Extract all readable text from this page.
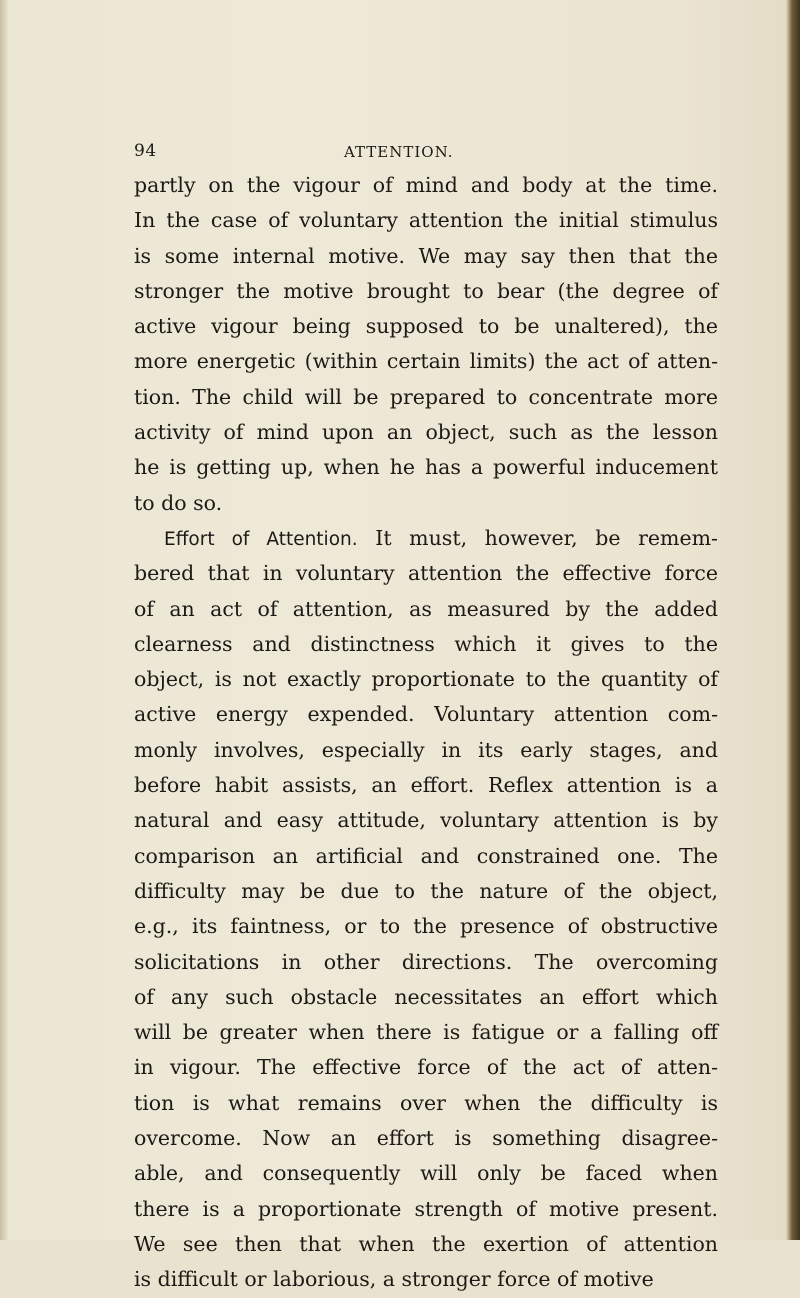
94	ATTENTION.
partly on the vigour of mind and body at the time.
In the case of voluntary attention the initial stimulus
is some internal motive. We may say then that the
stronger the motive brought to bear (the degree of
active vigour being supposed to be unaltered), the
more energetic (within certain limits) the act of atten-
tion. The child will be prepared to concentrate more
activity of mind upon an object, such as the lesson
he is getting up, when he has a powerful inducement
to do so.
Effort of Attention. It must, however, be remem-
bered that in voluntary attention the effective force
of an act of attention, as measured by the added
clearness and distinctness which it gives to the
object, is not exactly proportionate to the quantity of
active energy expended. Voluntary attention com-
monly involves, especially in its early stages, and
before habit assists, an effort. Reflex attention is a
natural and easy attitude, voluntary attention is by
comparison an artificial and constrained one. The
difficulty may be due to the nature of the object,
e.g., its faintness, or to the presence of obstructive
solicitations in other directions. The overcoming
of any such obstacle necessitates an effort which
will be greater when there is fatigue or a falling off
in vigour. The effective force of the act of atten-
tion is what remains over when the difficulty is
overcome. Now an effort is something disagree-
able, and consequently will only be faced when
there is a proportionate strength of motive present.
We see then that when the exertion of attention
is difficult or laborious, a stronger force of motive
